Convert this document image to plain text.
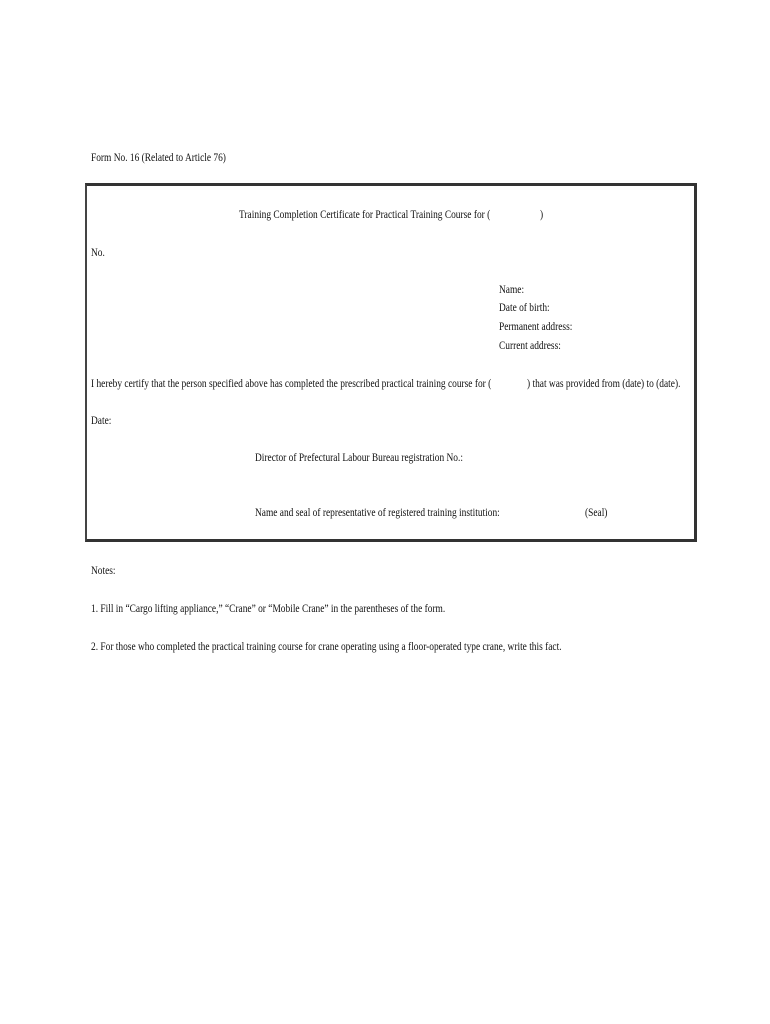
Form No. 16 (Related to Article 76)
Training Completion Certificate for Practical Training Course for (	)
No.
Name:
Date of birth:
Permanent address:
Current address:
I hereby certify that the person specified above has completed the prescribed practical training course for (	) that was provided from (date) to (date).
Date:
Director of Prefectural Labour Bureau registration No.:
Name and seal of representative of registered training institution:	(Seal)
Notes:
1. Fill in “Cargo lifting appliance,” “Crane” or “Mobile Crane” in the parentheses of the form.
2. For those who completed the practical training course for crane operating using a floor-operated type crane, write this fact.
